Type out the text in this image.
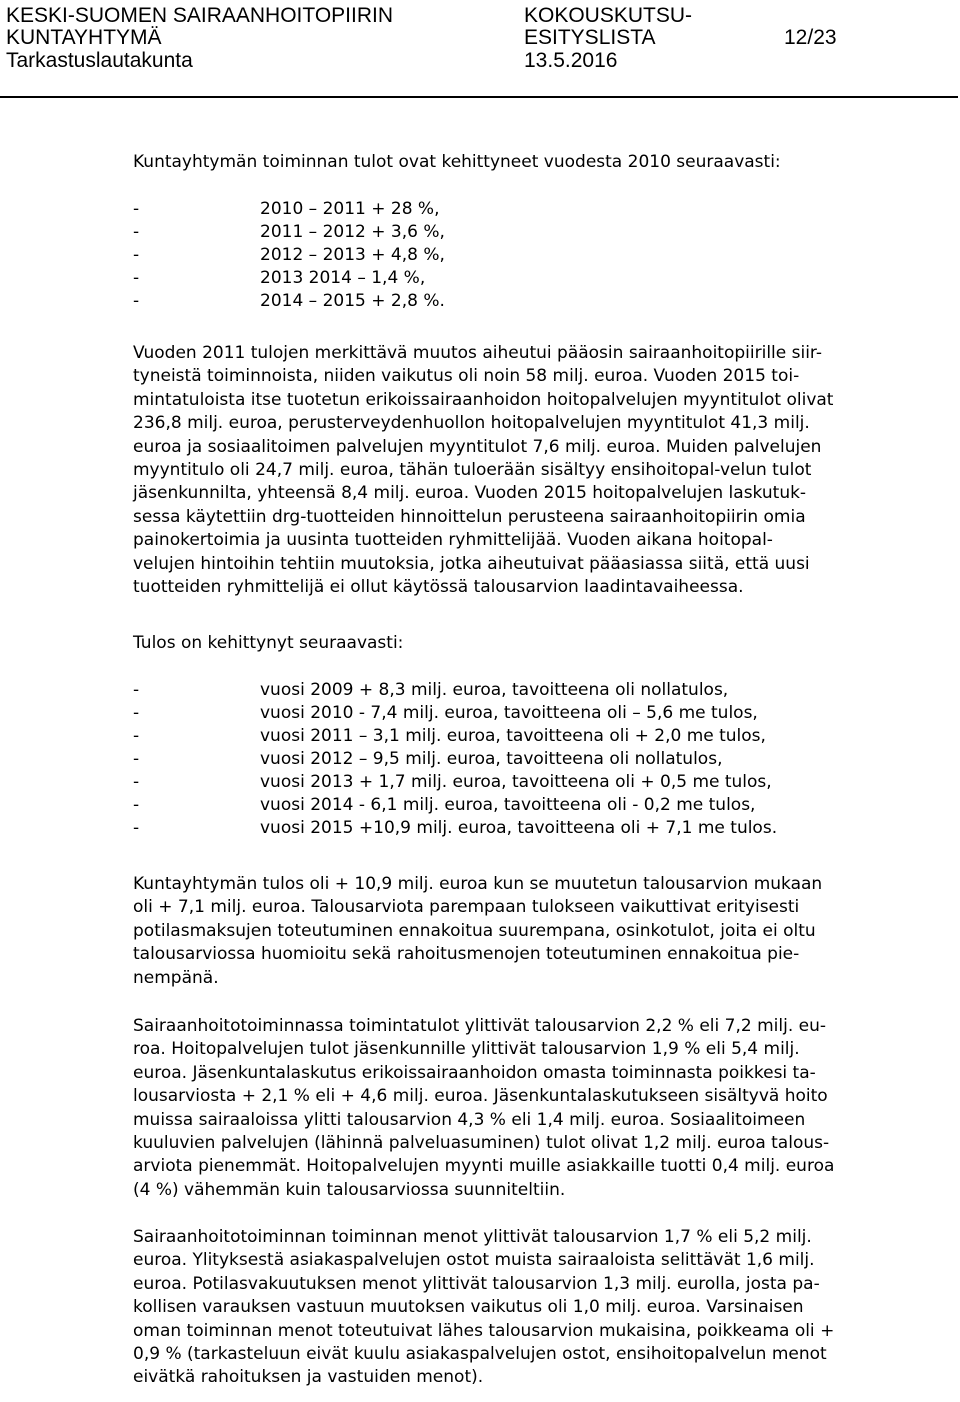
KESKI-SUOMEN SAIRAANHOITOPIIRIN
KUNTAYHTYMÄ
Tarkastuslautakunta
KOKOUSKUTSU-
ESITYSLISTA
13.5.2016
12/23
Kuntayhtymän toiminnan tulot ovat kehittyneet vuodesta 2010 seuraavasti:
-	2010 – 2011 + 28 %,
-	2011 – 2012 + 3,6 %,
-	2012 – 2013 + 4,8 %,
-	2013 2014 – 1,4 %,
-	2014 – 2015 + 2,8 %.
Vuoden 2011 tulojen merkittävä muutos aiheutui pääosin sairaanhoitopiirille siir-
tyneistä toiminnoista, niiden vaikutus oli noin 58 milj. euroa. Vuoden 2015 toi-
mintatuloista itse tuotetun erikoissairaanhoidon hoitopalvelujen myyntitulot olivat
236,8 milj. euroa, perusterveydenhuollon hoitopalvelujen myyntitulot 41,3 milj.
euroa ja sosiaalitoimen palvelujen myyntitulot 7,6 milj. euroa. Muiden palvelujen
myyntitulo oli 24,7 milj. euroa, tähän tuloerään sisältyy ensihoitopal-velun tulot
jäsenkunnilta, yhteensä 8,4 milj. euroa. Vuoden 2015 hoitopalvelujen laskutuk-
sessa käytettiin drg-tuotteiden hinnoittelun perusteena sairaanhoitopiirin omia
painokertoimia ja uusinta tuotteiden ryhmittelijää. Vuoden aikana hoitopal-
velujen hintoihin tehtiin muutoksia, jotka aiheutuivat pääasiassa siitä, että uusi
tuotteiden ryhmittelijä ei ollut käytössä talousarvion laadintavaiheessa.
Tulos on kehittynyt seuraavasti:
-	vuosi 2009 + 8,3 milj. euroa, tavoitteena oli nollatulos,
-	vuosi 2010 - 7,4 milj. euroa, tavoitteena oli – 5,6 me tulos,
-	vuosi 2011 – 3,1 milj. euroa, tavoitteena oli + 2,0 me tulos,
-	vuosi 2012 – 9,5 milj. euroa, tavoitteena oli nollatulos,
-	vuosi 2013 + 1,7 milj. euroa, tavoitteena oli + 0,5 me tulos,
-	vuosi 2014 - 6,1 milj. euroa, tavoitteena oli - 0,2 me tulos,
-	vuosi 2015 +10,9 milj. euroa, tavoitteena oli + 7,1 me tulos.
Kuntayhtymän tulos oli + 10,9 milj. euroa kun se muutetun talousarvion mukaan
oli + 7,1 milj. euroa. Talousarviota parempaan tulokseen vaikuttivat erityisesti
potilasmaksujen toteutuminen ennakoitua suurempana, osinkotulot, joita ei oltu
talousarviossa huomioitu sekä rahoitusmenojen toteutuminen ennakoitua pie-
nempänä.
Sairaanhoitotoiminnassa toimintatulot ylittivät talousarvion 2,2 % eli 7,2 milj. eu-
roa. Hoitopalvelujen tulot jäsenkunnille ylittivät talousarvion 1,9 % eli 5,4 milj.
euroa. Jäsenkuntalaskutus erikoissairaanhoidon omasta toiminnasta poikkesi ta-
lousarviosta + 2,1 % eli + 4,6 milj. euroa. Jäsenkuntalaskutukseen sisältyvä hoito
muissa sairaaloissa ylitti talousarvion 4,3 % eli 1,4 milj. euroa. Sosiaalitoimeen
kuuluvien palvelujen (lähinnä palveluasuminen) tulot olivat 1,2 milj. euroa talous-
arviota pienemmät. Hoitopalvelujen myynti muille asiakkaille tuotti 0,4 milj. euroa
(4 %) vähemmän kuin talousarviossa suunniteltiin.
Sairaanhoitotoiminnan toiminnan menot ylittivät talousarvion 1,7 % eli 5,2 milj.
euroa. Ylityksestä asiakaspalvelujen ostot muista sairaaloista selittävät 1,6 milj.
euroa. Potilasvakuutuksen menot ylittivät talousarvion 1,3 milj. eurolla, josta pa-
kollisen varauksen vastuun muutoksen vaikutus oli 1,0 milj. euroa. Varsinaisen
oman toiminnan menot toteutuivat lähes talousarvion mukaisina, poikkeama oli +
0,9 % (tarkasteluun eivät kuulu asiakaspalvelujen ostot, ensihoitopalvelun menot
eivätkä rahoituksen ja vastuiden menot).
